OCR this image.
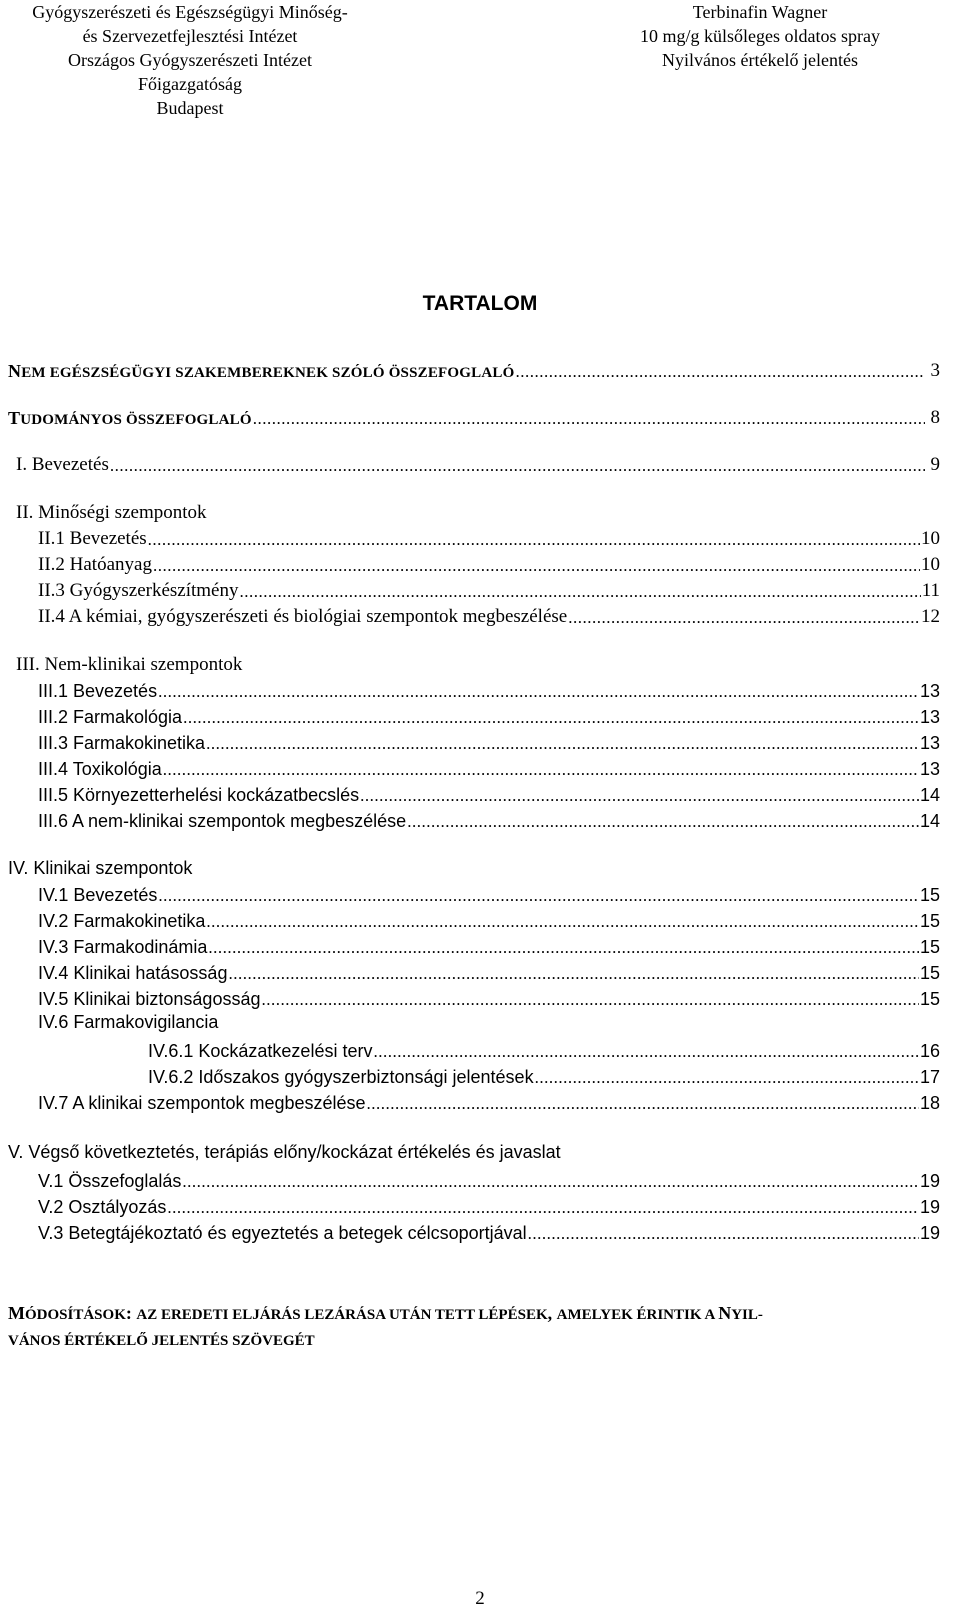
Gyógyszerészeti és Egészségügyi Minőség-
és Szervezetfejlesztési Intézet
Országos Gyógyszerészeti Intézet
Főigazgatóság
Budapest
Terbinafin Wagner
10 mg/g külsőleges oldatos spray
Nyilvános értékelő jelentés
TARTALOM
NEM EGÉSZSÉGÜGYI SZAKEMBEREKNEK SZÓLÓ ÖSSZEFOGLALÓ .....	3
TUDOMÁNYOS ÖSSZEFOGLALÓ .....	8
I. Bevezetés .....	9
II. Minőségi szempontok
II.1 Bevezetés .....	10
II.2 Hatóanyag .....	10
II.3 Gyógyszerkészítmény .....	11
II.4 A kémiai, gyógyszerészeti és biológiai szempontok megbeszélése .....	12
III. Nem-klinikai szempontok
III.1 Bevezetés .....	13
III.2 Farmakológia .....	13
III.3 Farmakokinetika .....	13
III.4 Toxikológia .....	13
III.5 Környezetterhelési kockázatbecslés .....	14
III.6 A nem-klinikai szempontok megbeszélése .....	14
IV. Klinikai szempontok
IV.1 Bevezetés .....	15
IV.2 Farmakokinetika .....	15
IV.3 Farmakodinámia .....	15
IV.4 Klinikai hatásosság .....	15
IV.5 Klinikai biztonságosság .....	15
IV.6 Farmakovigilancia
IV.6.1 Kockázatkezelési terv .....	16
IV.6.2 Időszakos gyógyszerbiztonsági jelentések .....	17
IV.7 A klinikai szempontok megbeszélése .....	18
V. Végső következtetés, terápiás előny/kockázat értékelés és javaslat
V.1 Összefoglalás .....	19
V.2 Osztályozás .....	19
V.3 Betegtájékoztató és egyeztetés a betegek célcsoportjával .....	19
MÓDOSÍTÁSOK: AZ EREDETI ELJÁRÁS LEZÁRÁSA UTÁN TETT LÉPÉSEK, AMELYEK ÉRINTIK A NYIL-
VÁNOS ÉRTÉKELŐ JELENTÉS SZÖVEGÉT
2
